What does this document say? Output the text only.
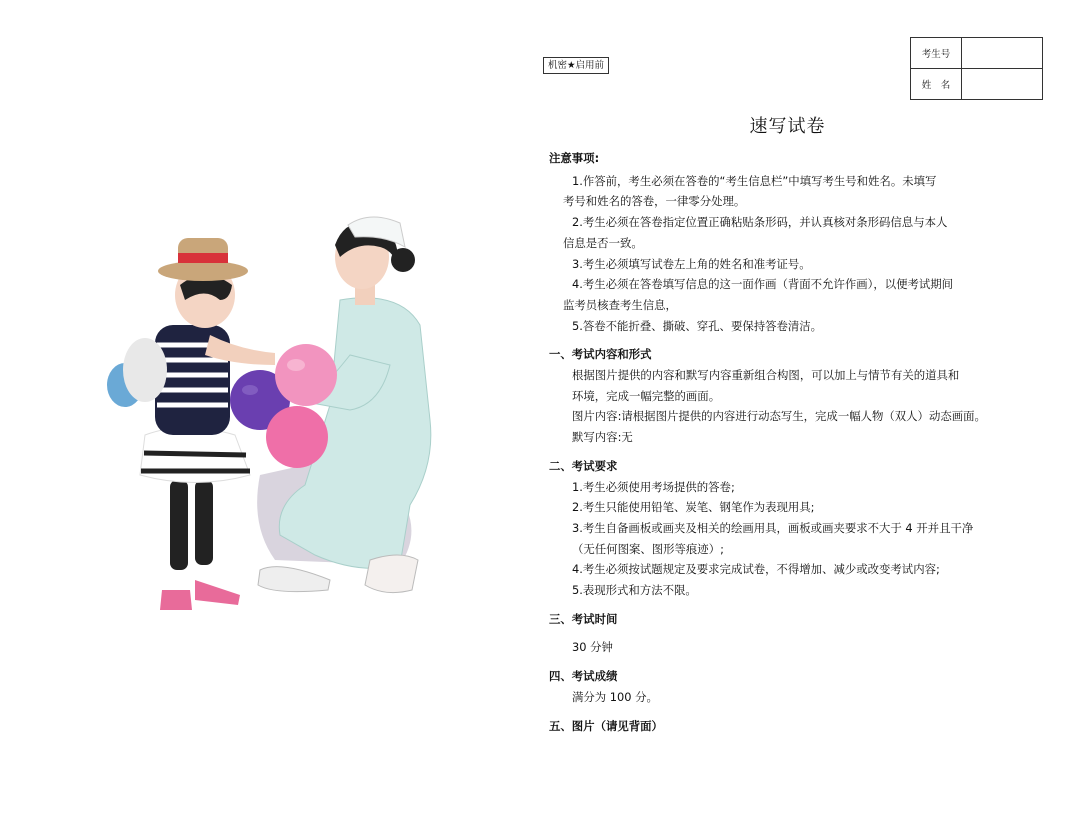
机密★启用前
考生号	
姓　名	
速写试卷
注意事项:
1.作答前，考生必须在答卷的“考生信息栏”中填写考生号和姓名。未填写
考号和姓名的答卷，一律零分处理。
2.考生必须在答卷指定位置正确粘贴条形码，并认真核对条形码信息与本人
信息是否一致。
3.考生必须填写试卷左上角的姓名和准考证号。
4.考生必须在答卷填写信息的这一面作画（背面不允许作画），以便考试期间
监考员核查考生信息，
5.答卷不能折叠、撕破、穿孔、要保持答卷清洁。
一、考试内容和形式
根据图片提供的内容和默写内容重新组合构图，可以加上与情节有关的道具和
环境，完成一幅完整的画面。
图片内容:请根据图片提供的内容进行动态写生，完成一幅人物（双人）动态画面。
默写内容:无
二、考试要求
1.考生必须使用考场提供的答卷;
2.考生只能使用铅笔、炭笔、钢笔作为表现用具;
3.考生自备画板或画夹及相关的绘画用具，画板或画夹要求不大于 4 开并且干净
（无任何图案、图形等痕迹）;
4.考生必须按试题规定及要求完成试卷，不得增加、减少或改变考试内容;
5.表现形式和方法不限。
三、考试时间
30 分钟
四、考试成绩
满分为 100 分。
五、图片（请见背面）
